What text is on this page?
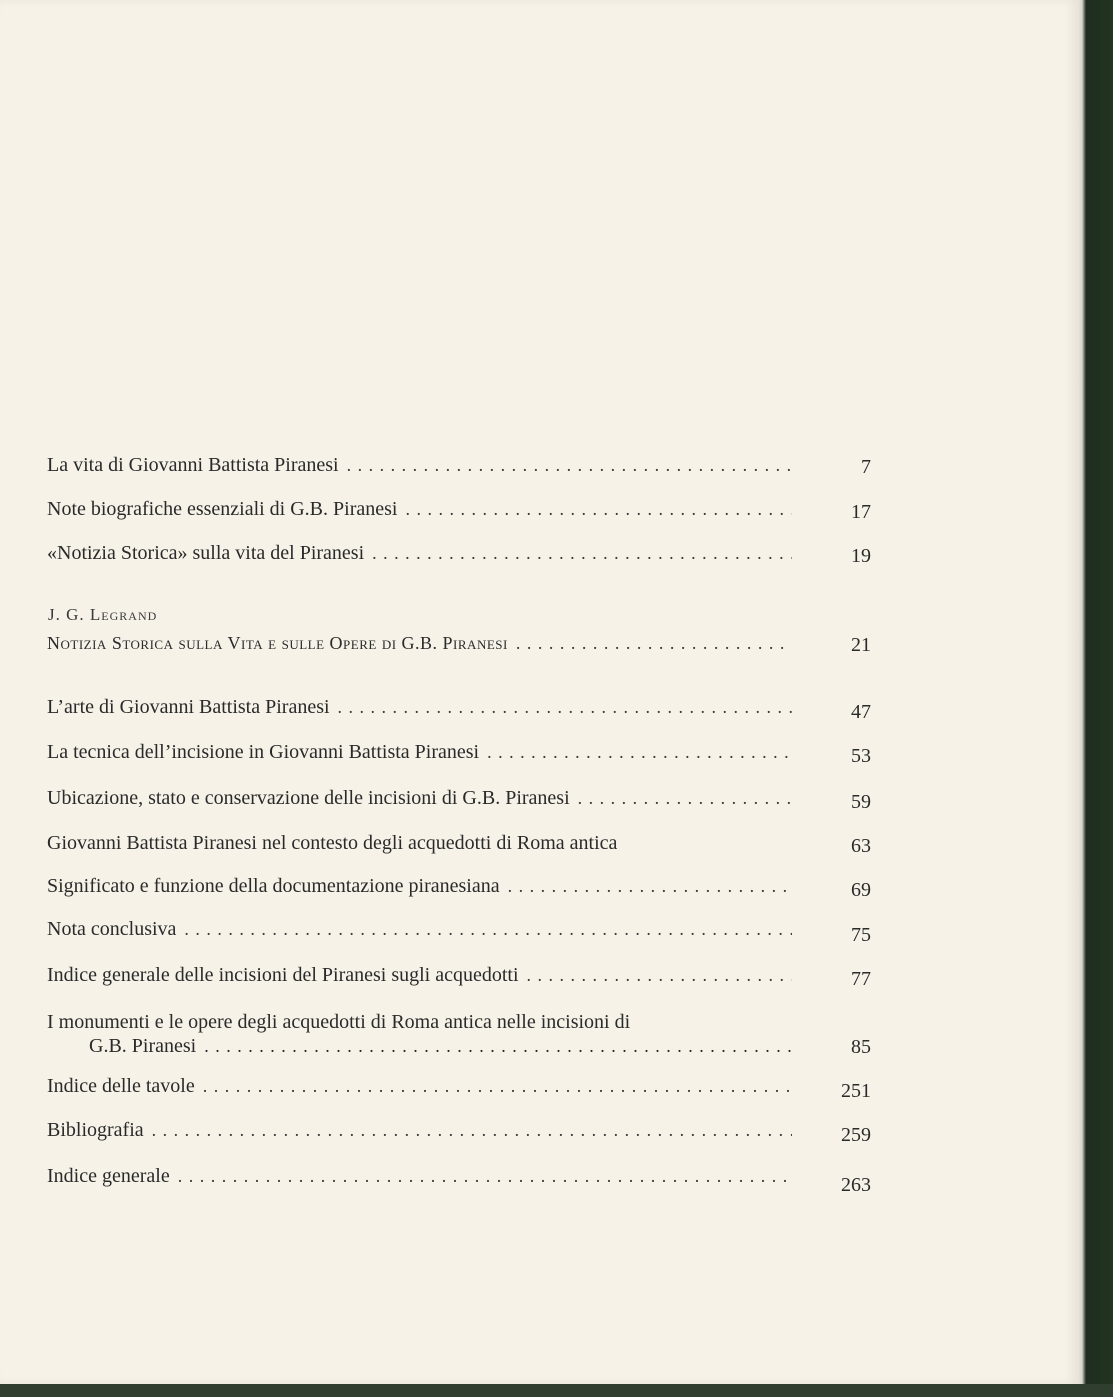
La vita di Giovanni Battista Piranesi . . .	7
Note biografiche essenziali di G.B. Piranesi . . .	17
«Notizia Storica» sulla vita del Piranesi . . .	19
J. G. Legrand
Notizia Storica sulla Vita e sulle Opere di G.B. Piranesi . . .	21
L’arte di Giovanni Battista Piranesi . . .	47
La tecnica dell’incisione in Giovanni Battista Piranesi . . .	53
Ubicazione, stato e conservazione delle incisioni di G.B. Piranesi . . .	59
Giovanni Battista Piranesi nel contesto degli acquedotti di Roma antica	63
Significato e funzione della documentazione piranesiana . . .	69
Nota conclusiva . . .	75
Indice generale delle incisioni del Piranesi sugli acquedotti . . .	77
I monumenti e le opere degli acquedotti di Roma antica nelle incisioni di
G.B. Piranesi . . .	85
Indice delle tavole . . .	251
Bibliografia . . .	259
Indice generale . . .	263
